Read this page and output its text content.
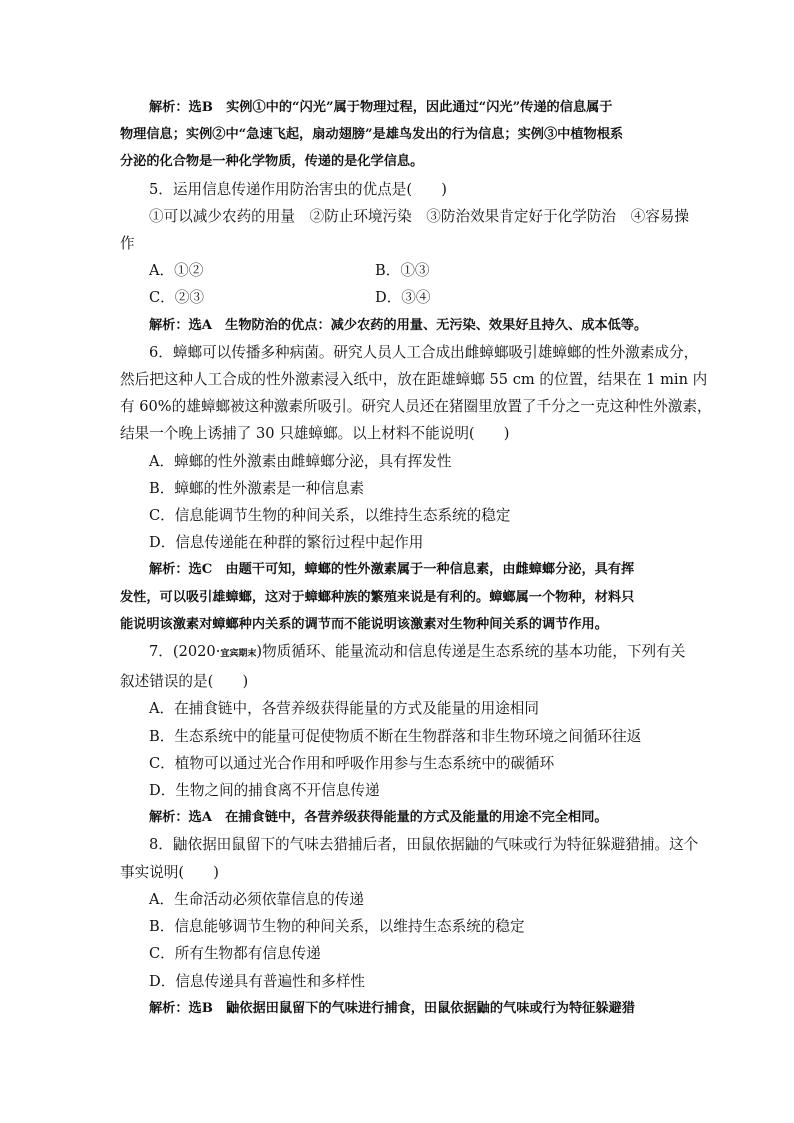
解析：选B　实例①中的“闪光”属于物理过程，因此通过“闪光”传递的信息属于
物理信息；实例②中“急速飞起，扇动翅膀”是雄鸟发出的行为信息；实例③中植物根系
分泌的化合物是一种化学物质，传递的是化学信息。
5．运用信息传递作用防治害虫的优点是(　　)
①可以减少农药的用量　②防止环境污染　③防治效果肯定好于化学防治　④容易操
作
A．①②	B．①③
C．②③	D．③④
解析：选A　生物防治的优点：减少农药的用量、无污染、效果好且持久、成本低等。
6．蟑螂可以传播多种病菌。研究人员人工合成出雌蟑螂吸引雄蟑螂的性外激素成分，
然后把这种人工合成的性外激素浸入纸中，放在距雄蟑螂 55 cm 的位置，结果在 1 min 内
有 60%的雄蟑螂被这种激素所吸引。研究人员还在猪圈里放置了千分之一克这种性外激素，
结果一个晚上诱捕了 30 只雄蟑螂。以上材料不能说明(　　)
A．蟑螂的性外激素由雌蟑螂分泌，具有挥发性
B．蟑螂的性外激素是一种信息素
C．信息能调节生物的种间关系，以维持生态系统的稳定
D．信息传递能在种群的繁衍过程中起作用
解析：选C　由题干可知，蟑螂的性外激素属于一种信息素，由雌蟑螂分泌，具有挥
发性，可以吸引雄蟑螂，这对于蟑螂种族的繁殖来说是有利的。蟑螂属一个物种，材料只
能说明该激素对蟑螂种内关系的调节而不能说明该激素对生物种间关系的调节作用。
7．(2020·宜宾期末)物质循环、能量流动和信息传递是生态系统的基本功能，下列有关
叙述错误的是(　　)
A．在捕食链中，各营养级获得能量的方式及能量的用途相同
B．生态系统中的能量可促使物质不断在生物群落和非生物环境之间循环往返
C．植物可以通过光合作用和呼吸作用参与生态系统中的碳循环
D．生物之间的捕食离不开信息传递
解析：选A　在捕食链中，各营养级获得能量的方式及能量的用途不完全相同。
8．鼬依据田鼠留下的气味去猎捕后者，田鼠依据鼬的气味或行为特征躲避猎捕。这个
事实说明(　　)
A．生命活动必须依靠信息的传递
B．信息能够调节生物的种间关系，以维持生态系统的稳定
C．所有生物都有信息传递
D．信息传递具有普遍性和多样性
解析：选B　鼬依据田鼠留下的气味进行捕食，田鼠依据鼬的气味或行为特征躲避猎
